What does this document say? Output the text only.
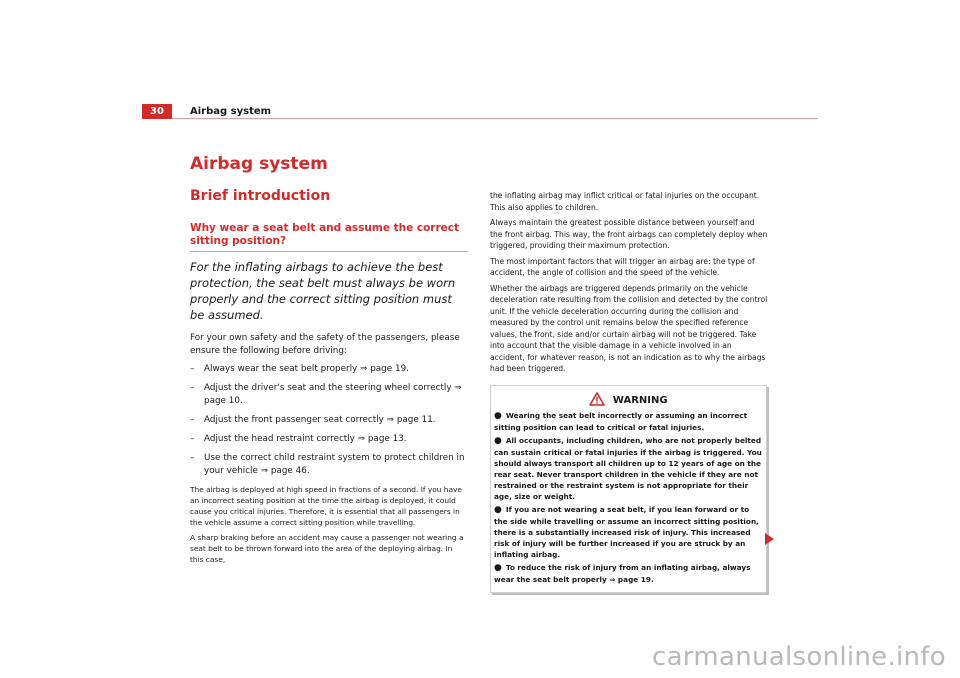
30	Airbag system
Airbag system
Brief introduction

Why wear a seat belt and assume the correct sitting position?

For the inflating airbags to achieve the best protection, the seat belt must always be worn properly and the correct sitting position must be assumed.

For your own safety and the safety of the passengers, please ensure the following before driving:

– Always wear the seat belt properly ⇒ page 19.
– Adjust the driver's seat and the steering wheel correctly ⇒ page 10.
– Adjust the front passenger seat correctly ⇒ page 11.
– Adjust the head restraint correctly ⇒ page 13.
– Use the correct child restraint system to protect children in your vehicle ⇒ page 46.

The airbag is deployed at high speed in fractions of a second. If you have an incorrect seating position at the time the airbag is deployed, it could cause you critical injuries. Therefore, it is essential that all passengers in the vehicle assume a correct sitting position while travelling.

A sharp braking before an accident may cause a passenger not wearing a seat belt to be thrown forward into the area of the deploying airbag. In this case,

the inflating airbag may inflict critical or fatal injuries on the occupant. This also applies to children.

Always maintain the greatest possible distance between yourself and the front airbag. This way, the front airbags can completely deploy when triggered, providing their maximum protection.

The most important factors that will trigger an airbag are: the type of accident, the angle of collision and the speed of the vehicle.

Whether the airbags are triggered depends primarily on the vehicle deceleration rate resulting from the collision and detected by the control unit. If the vehicle deceleration occurring during the collision and measured by the control unit remains below the specified reference values, the front, side and/or curtain airbag will not be triggered. Take into account that the visible damage in a vehicle involved in an accident, for whatever reason, is not an indication as to why the airbags had been triggered.

WARNING

● Wearing the seat belt incorrectly or assuming an incorrect sitting position can lead to critical or fatal injuries.

● All occupants, including children, who are not properly belted can sustain critical or fatal injuries if the airbag is triggered. You should always transport all children up to 12 years of age on the rear seat. Never transport children in the vehicle if they are not restrained or the restraint system is not appropriate for their age, size or weight.

● If you are not wearing a seat belt, if you lean forward or to the side while travelling or assume an incorrect sitting position, there is a substantially increased risk of injury. This increased risk of injury will be further increased if you are struck by an inflating airbag.

● To reduce the risk of injury from an inflating airbag, always wear the seat belt properly ⇒ page 19.

carmanualsonline.info
